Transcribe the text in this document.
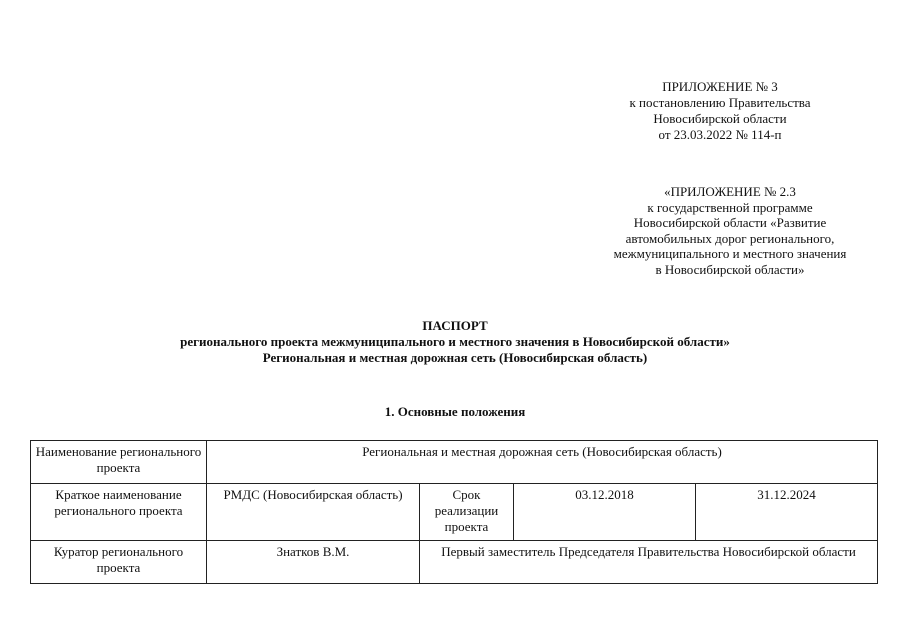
ПРИЛОЖЕНИЕ № 3
к постановлению Правительства
Новосибирской области
от 23.03.2022 № 114-п
«ПРИЛОЖЕНИЕ № 2.3
к государственной программе
Новосибирской области «Развитие
автомобильных дорог регионального,
межмуниципального и местного значения
в Новосибирской области»
ПАСПОРТ
регионального проекта межмуниципального и местного значения в Новосибирской области»
Региональная и местная дорожная сеть (Новосибирская область)
1. Основные положения
Наименование регионального проекта	Региональная и местная дорожная сеть (Новосибирская область)			
Краткое наименование регионального проекта	РМДС (Новосибирская область)	Срок реализации проекта	03.12.2018	31.12.2024
Куратор регионального проекта	Знатков В.М.	Первый заместитель Председателя Правительства Новосибирской области		
